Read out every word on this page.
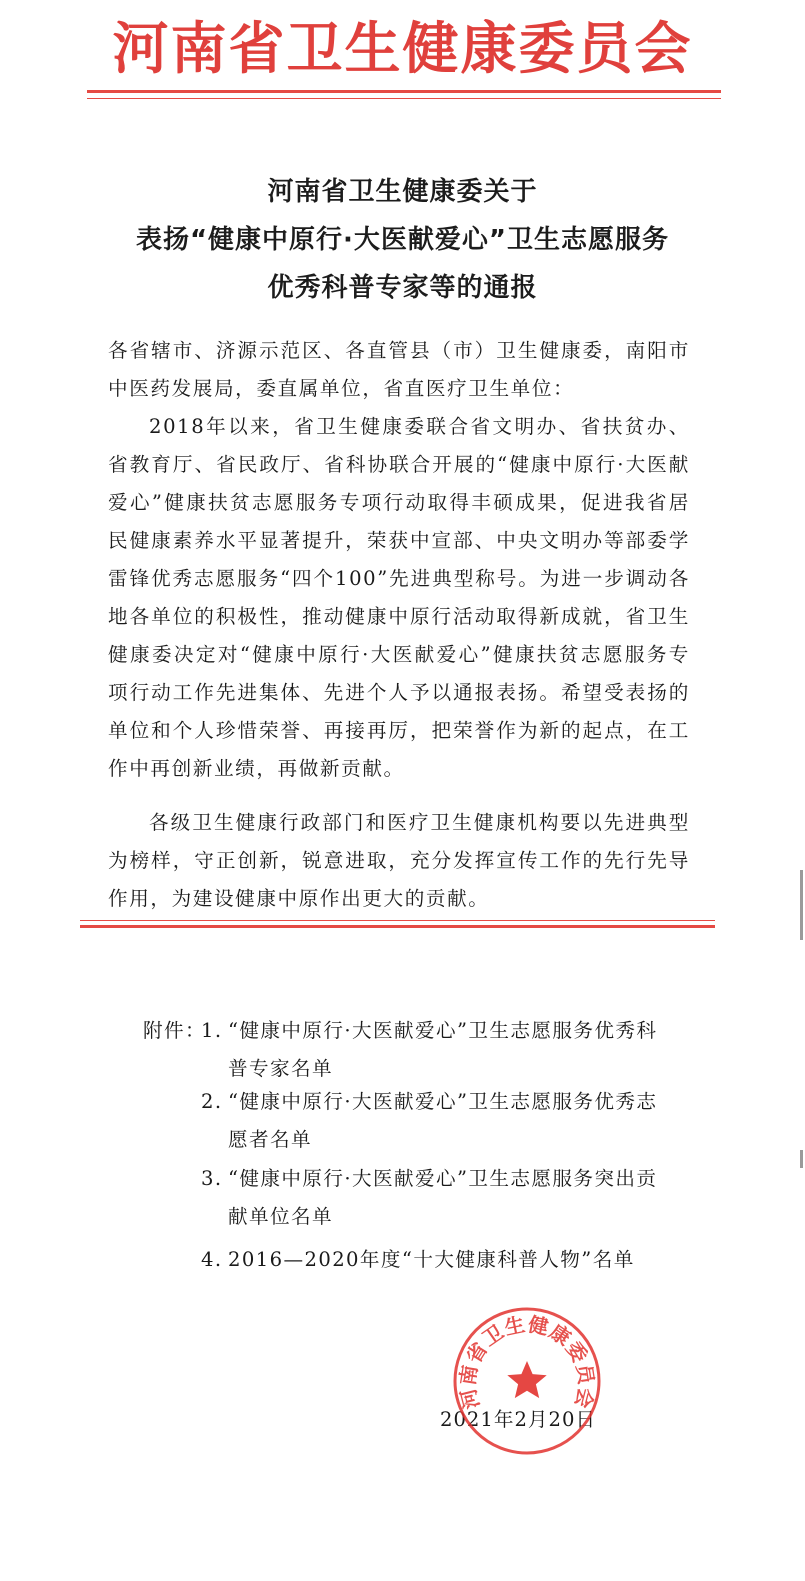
河南省卫生健康委员会
河南省卫生健康委关于
表扬“健康中原行·大医献爱心”卫生志愿服务
优秀科普专家等的通报
各省辖市、济源示范区、各直管县（市）卫生健康委，南阳市中医药发展局，委直属单位，省直医疗卫生单位：
2018年以来，省卫生健康委联合省文明办、省扶贫办、省教育厅、省民政厅、省科协联合开展的“健康中原行·大医献爱心”健康扶贫志愿服务专项行动取得丰硕成果，促进我省居民健康素养水平显著提升，荣获中宣部、中央文明办等部委学雷锋优秀志愿服务“四个100”先进典型称号。为进一步调动各地各单位的积极性，推动健康中原行活动取得新成就，省卫生健康委决定对“健康中原行·大医献爱心”健康扶贫志愿服务专项行动工作先进集体、先进个人予以通报表扬。希望受表扬的单位和个人珍惜荣誉、再接再厉，把荣誉作为新的起点，在工作中再创新业绩，再做新贡献。
各级卫生健康行政部门和医疗卫生健康机构要以先进典型为榜样，守正创新，锐意进取，充分发挥宣传工作的先行先导作用，为建设健康中原作出更大的贡献。
附件：
1. “健康中原行·大医献爱心”卫生志愿服务优秀科
普专家名单
2. “健康中原行·大医献爱心”卫生志愿服务优秀志
愿者名单
3. “健康中原行·大医献爱心”卫生志愿服务突出贡
献单位名单
4. 2016—2020年度“十大健康科普人物”名单
2021年2月20日
河南省卫生健康委员会
